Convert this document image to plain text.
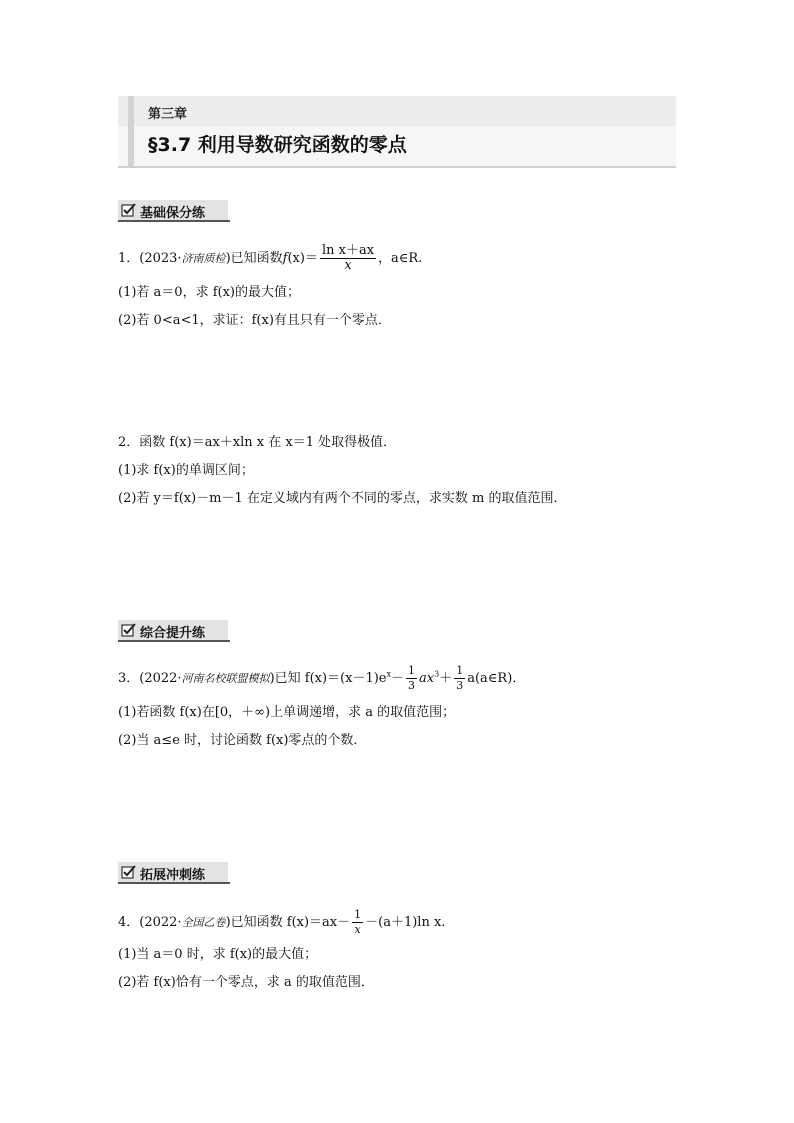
第三章
§3.7 利用导数研究函数的零点
基础保分练
1．(2023·济南质检)已知函数$f(x)= \frac{\text{ln x＋ax}}{x}$ ，a∈R.
(1)若 a＝0，求 f(x)的最大值；
(2)若 0<a<1，求证：f(x)有且只有一个零点．
2．函数 f(x)＝ax＋xln x 在 x＝1 处取得极值．
(1)求 f(x)的单调区间；
(2)若 y＝f(x)－m－1 在定义域内有两个不同的零点，求实数 m 的取值范围．
综合提升练
3．(2022·河南名校联盟模拟)已知 $f(x)=(x-1)e^x- \frac{1}{3} ax^3+ \frac{1}{3}$ a(a∈R)．
(1)若函数 f(x)在[0，＋∞)上单调递增，求 a 的取值范围；
(2)当 a≤e 时，讨论函数 f(x)零点的个数．
拓展冲刺练
4．(2022·全国乙卷)已知函数 $f(x)=ax- \frac{1}{x} -(a+1)\ln$ x.
(1)当 a＝0 时，求 f(x)的最大值；
(2)若 f(x)恰有一个零点，求 a 的取值范围．
